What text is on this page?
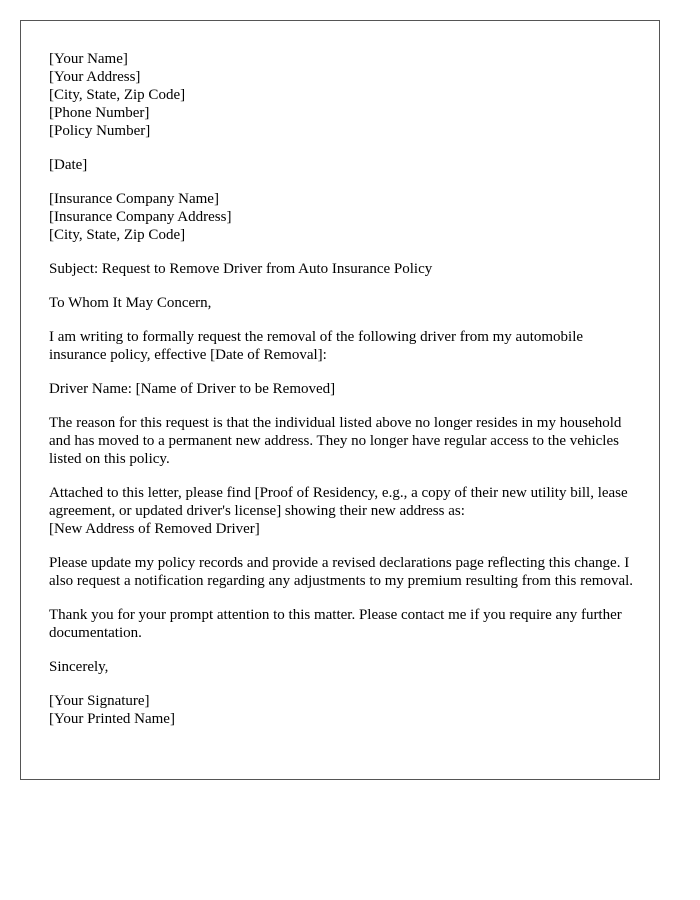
[Your Name]
[Your Address]
[City, State, Zip Code]
[Phone Number]
[Policy Number]
[Date]
[Insurance Company Name]
[Insurance Company Address]
[City, State, Zip Code]
Subject: Request to Remove Driver from Auto Insurance Policy
To Whom It May Concern,

I am writing to formally request the removal of the following driver from my automobile insurance policy, effective [Date of Removal]:

Driver Name: [Name of Driver to be Removed]

The reason for this request is that the individual listed above no longer resides in my household and has moved to a permanent new address. They no longer have regular access to the vehicles listed on this policy.

Attached to this letter, please find [Proof of Residency, e.g., a copy of their new utility bill, lease agreement, or updated driver's license] showing their new address as:
[New Address of Removed Driver]

Please update my policy records and provide a revised declarations page reflecting this change. I also request a notification regarding any adjustments to my premium resulting from this removal.

Thank you for your prompt attention to this matter. Please contact me if you require any further documentation.

Sincerely,
[Your Signature]
[Your Printed Name]
